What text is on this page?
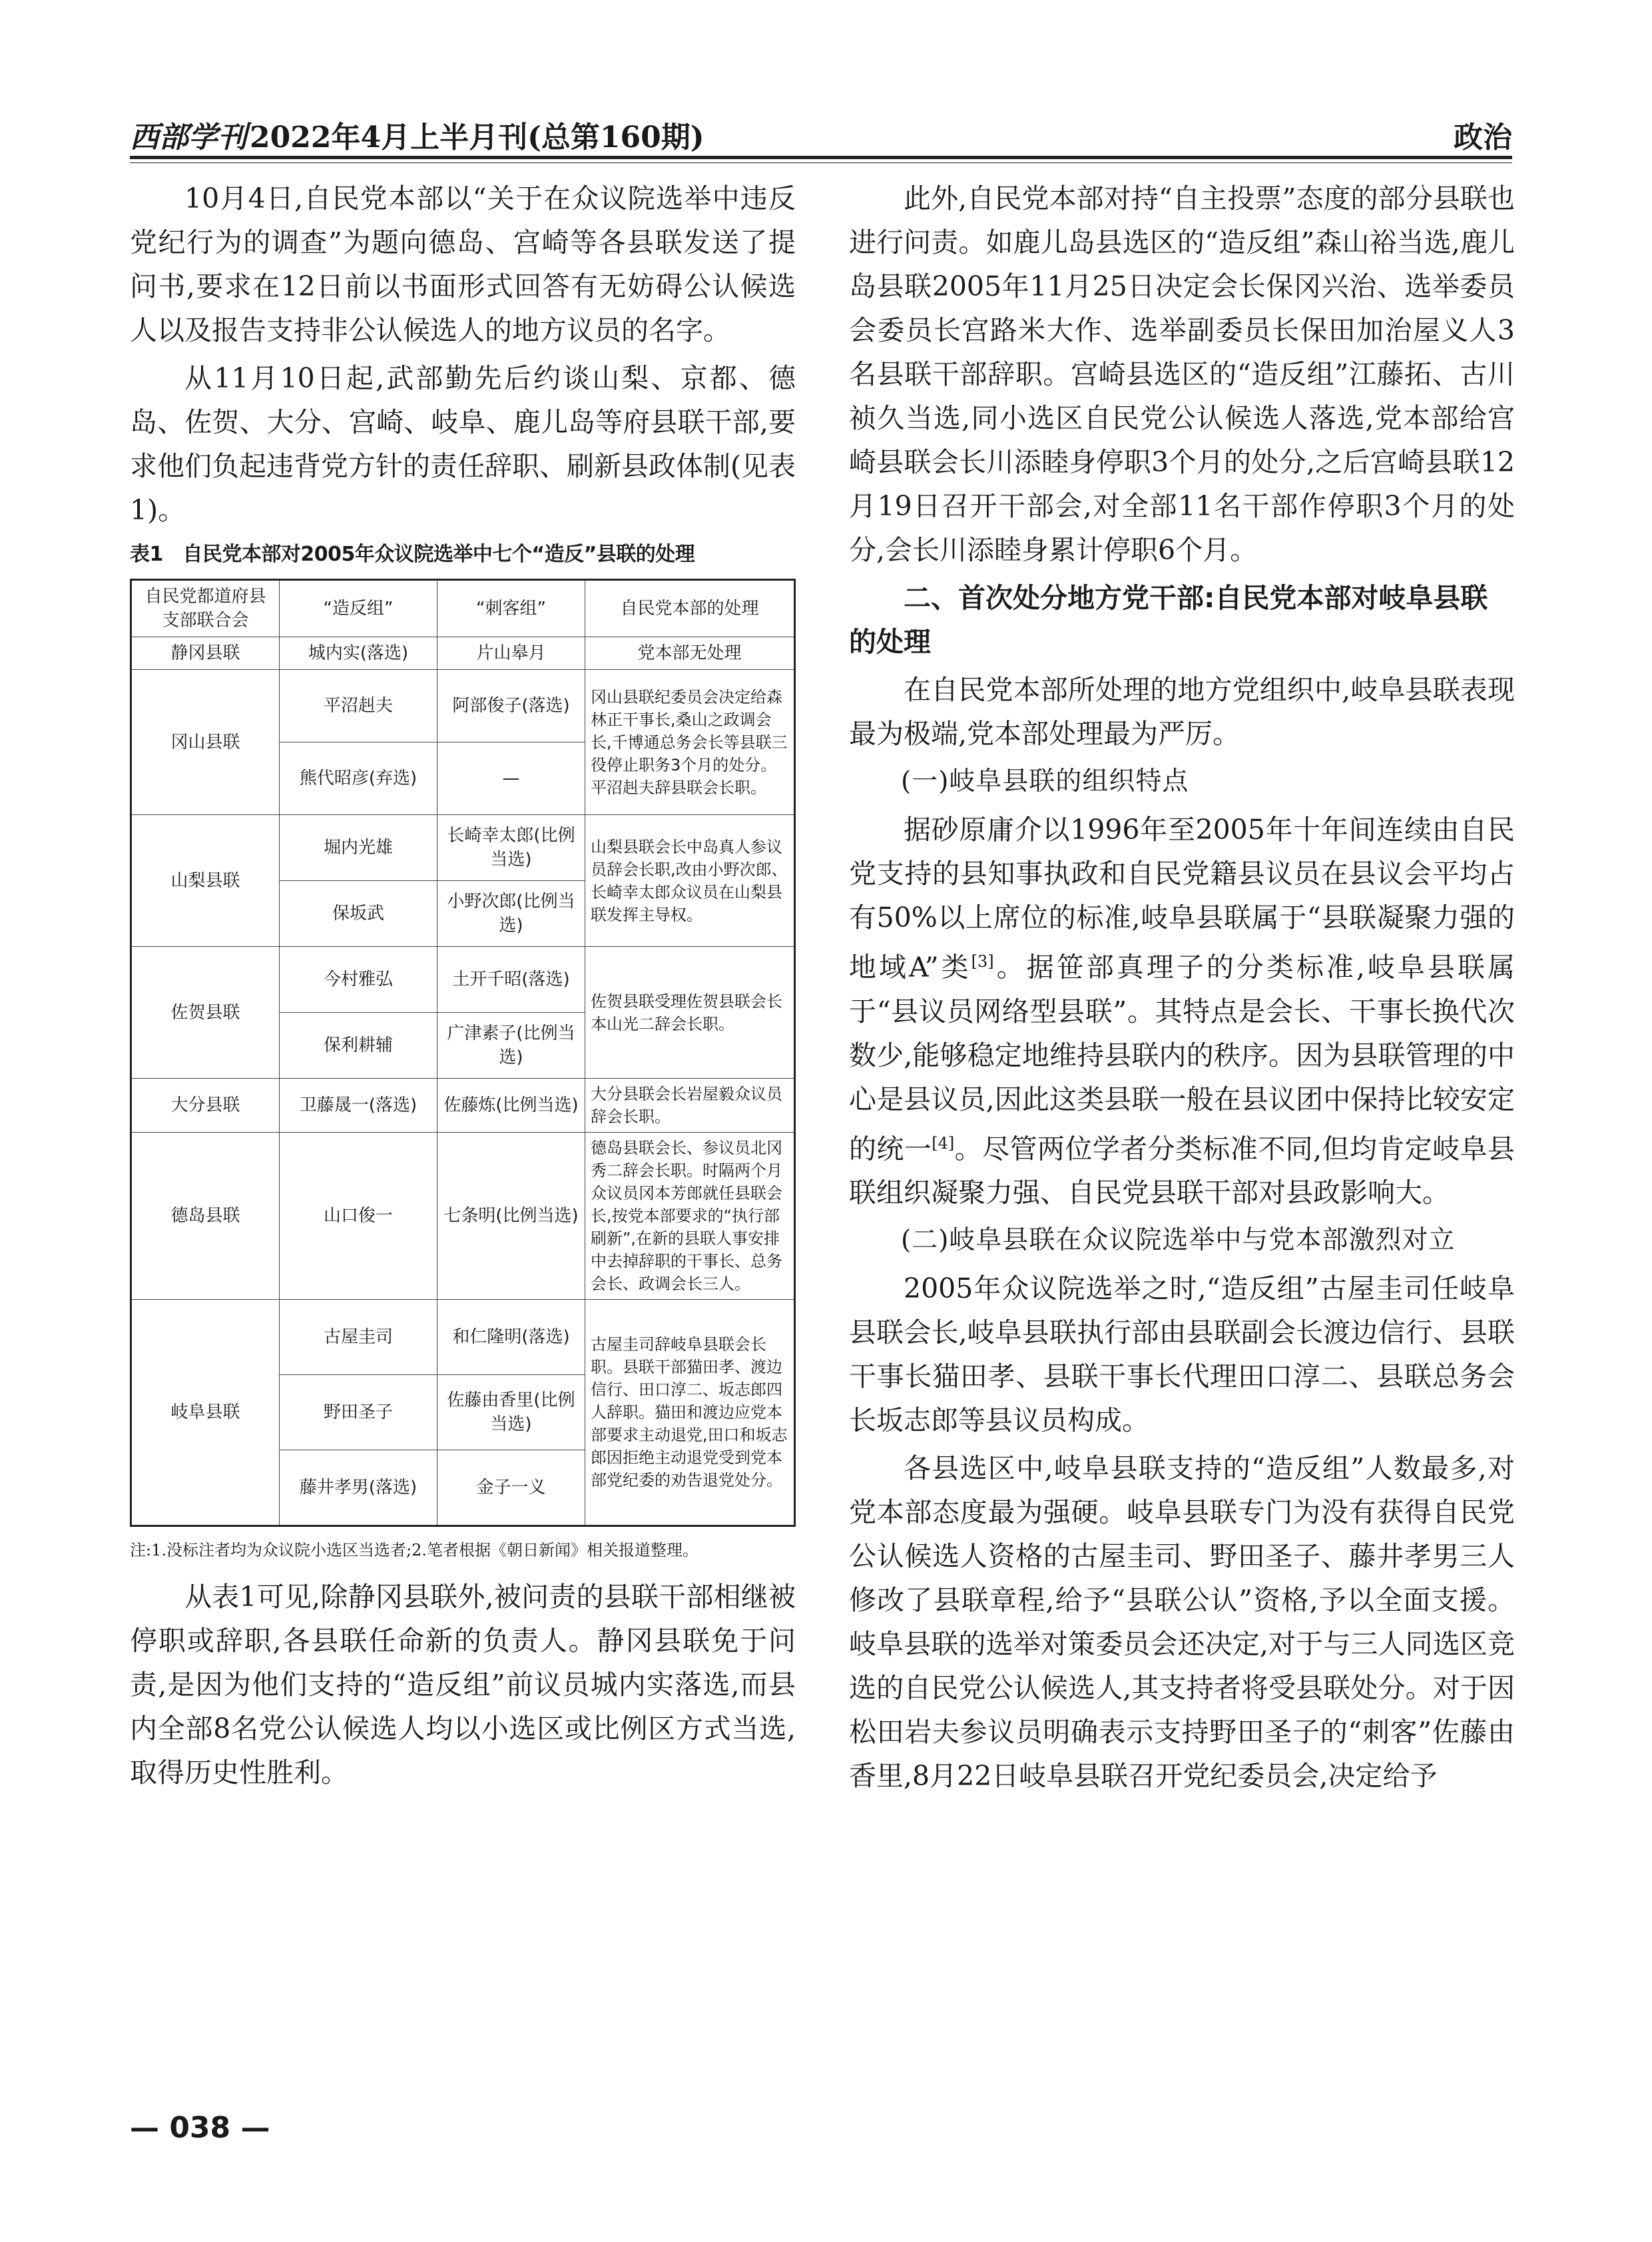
西部学刊2022年4月上半月刊(总第160期)	政治

10月4日,自民党本部以“关于在众议院选举中违反党纪行为的调查”为题向德岛、宫崎等各县联发送了提问书,要求在12日前以书面形式回答有无妨碍公认候选人以及报告支持非公认候选人的地方议员的名字。

从11月10日起,武部勤先后约谈山梨、京都、德岛、佐贺、大分、宫崎、岐阜、鹿儿岛等府县联干部,要求他们负起违背党方针的责任辞职、刷新县政体制(见表1)。

表1　自民党本部对2005年众议院选举中七个“造反”县联的处理
自民党都道府县支部联合会	“造反组”	“刺客组”	自民党本部的处理
静冈县联	城内实(落选)	片山皋月	党本部无处理
冈山县联	平沼赳夫	阿部俊子(落选)	冈山县联纪委员会决定给森林正干事长,桑山之政调会长,千博通总务会长等县联三役停止职务3个月的处分。平沼赳夫辞县联会长职。
	熊代昭彦(弃选)	—	
山梨县联	堀内光雄	长崎幸太郎(比例当选)	山梨县联会长中岛真人参议员辞会长职,改由小野次郎、长崎幸太郎众议员在山梨县联发挥主导权。
	保坂武	小野次郎(比例当选)	
佐贺县联	今村雅弘	土开千昭(落选)	佐贺县联受理佐贺县联会长本山光二辞会长职。
	保利耕辅	广津素子(比例当选)	
大分县联	卫藤晟一(落选)	佐藤炼(比例当选)	大分县联会长岩屋毅众议员辞会长职。
德岛县联	山口俊一	七条明(比例当选)	德岛县联会长、参议员北冈秀二辞会长职。时隔两个月众议员冈本芳郎就任县联会长,按党本部要求的“执行部刷新”,在新的县联人事安排中去掉辞职的干事长、总务会长、政调会长三人。
岐阜县联	古屋圭司	和仁隆明(落选)	古屋圭司辞岐阜县联会长职。县联干部猫田孝、渡边信行、田口淳二、坂志郎四人辞职。猫田和渡边应党本部要求主动退党,田口和坂志郎因拒绝主动退党受到党本部党纪委的劝告退党处分。
	野田圣子	佐藤由香里(比例当选)	
	藤井孝男(落选)	金子一义	
注:1.没标注者均为众议院小选区当选者;2.笔者根据《朝日新闻》相关报道整理。

从表1可见,除静冈县联外,被问责的县联干部相继被停职或辞职,各县联任命新的负责人。静冈县联免于问责,是因为他们支持的“造反组”前议员城内实落选,而县内全部8名党公认候选人均以小选区或比例区方式当选,取得历史性胜利。

此外,自民党本部对持“自主投票”态度的部分县联也进行问责。如鹿儿岛县选区的“造反组”森山裕当选,鹿儿岛县联2005年11月25日决定会长保冈兴治、选举委员会委员长宫路米大作、选举副委员长保田加治屋义人3名县联干部辞职。宫崎县选区的“造反组”江藤拓、古川祯久当选,同小选区自民党公认候选人落选,党本部给宫崎县联会长川添睦身停职3个月的处分,之后宫崎县联12月19日召开干部会,对全部11名干部作停职3个月的处分,会长川添睦身累计停职6个月。

二、首次处分地方党干部:自民党本部对岐阜县联的处理

在自民党本部所处理的地方党组织中,岐阜县联表现最为极端,党本部处理最为严厉。

(一)岐阜县联的组织特点

据砂原庸介以1996年至2005年十年间连续由自民党支持的县知事执政和自民党籍县议员在县议会平均占有50%以上席位的标准,岐阜县联属于“县联凝聚力强的地域A”类[3]。据笹部真理子的分类标准,岐阜县联属于“县议员网络型县联”。其特点是会长、干事长换代次数少,能够稳定地维持县联内的秩序。因为县联管理的中心是县议员,因此这类县联一般在县议团中保持比较安定的统一[4]。尽管两位学者分类标准不同,但均肯定岐阜县联组织凝聚力强、自民党县联干部对县政影响大。

(二)岐阜县联在众议院选举中与党本部激烈对立

2005年众议院选举之时,“造反组”古屋圭司任岐阜县联会长,岐阜县联执行部由县联副会长渡边信行、县联干事长猫田孝、县联干事长代理田口淳二、县联总务会长坂志郎等县议员构成。

各县选区中,岐阜县联支持的“造反组”人数最多,对党本部态度最为强硬。岐阜县联专门为没有获得自民党公认候选人资格的古屋圭司、野田圣子、藤井孝男三人修改了县联章程,给予“县联公认”资格,予以全面支援。岐阜县联的选举对策委员会还决定,对于与三人同选区竞选的自民党公认候选人,其支持者将受县联处分。对于因松田岩夫参议员明确表示支持野田圣子的“刺客”佐藤由香里,8月22日岐阜县联召开党纪委员会,决定给予

— 038 —
